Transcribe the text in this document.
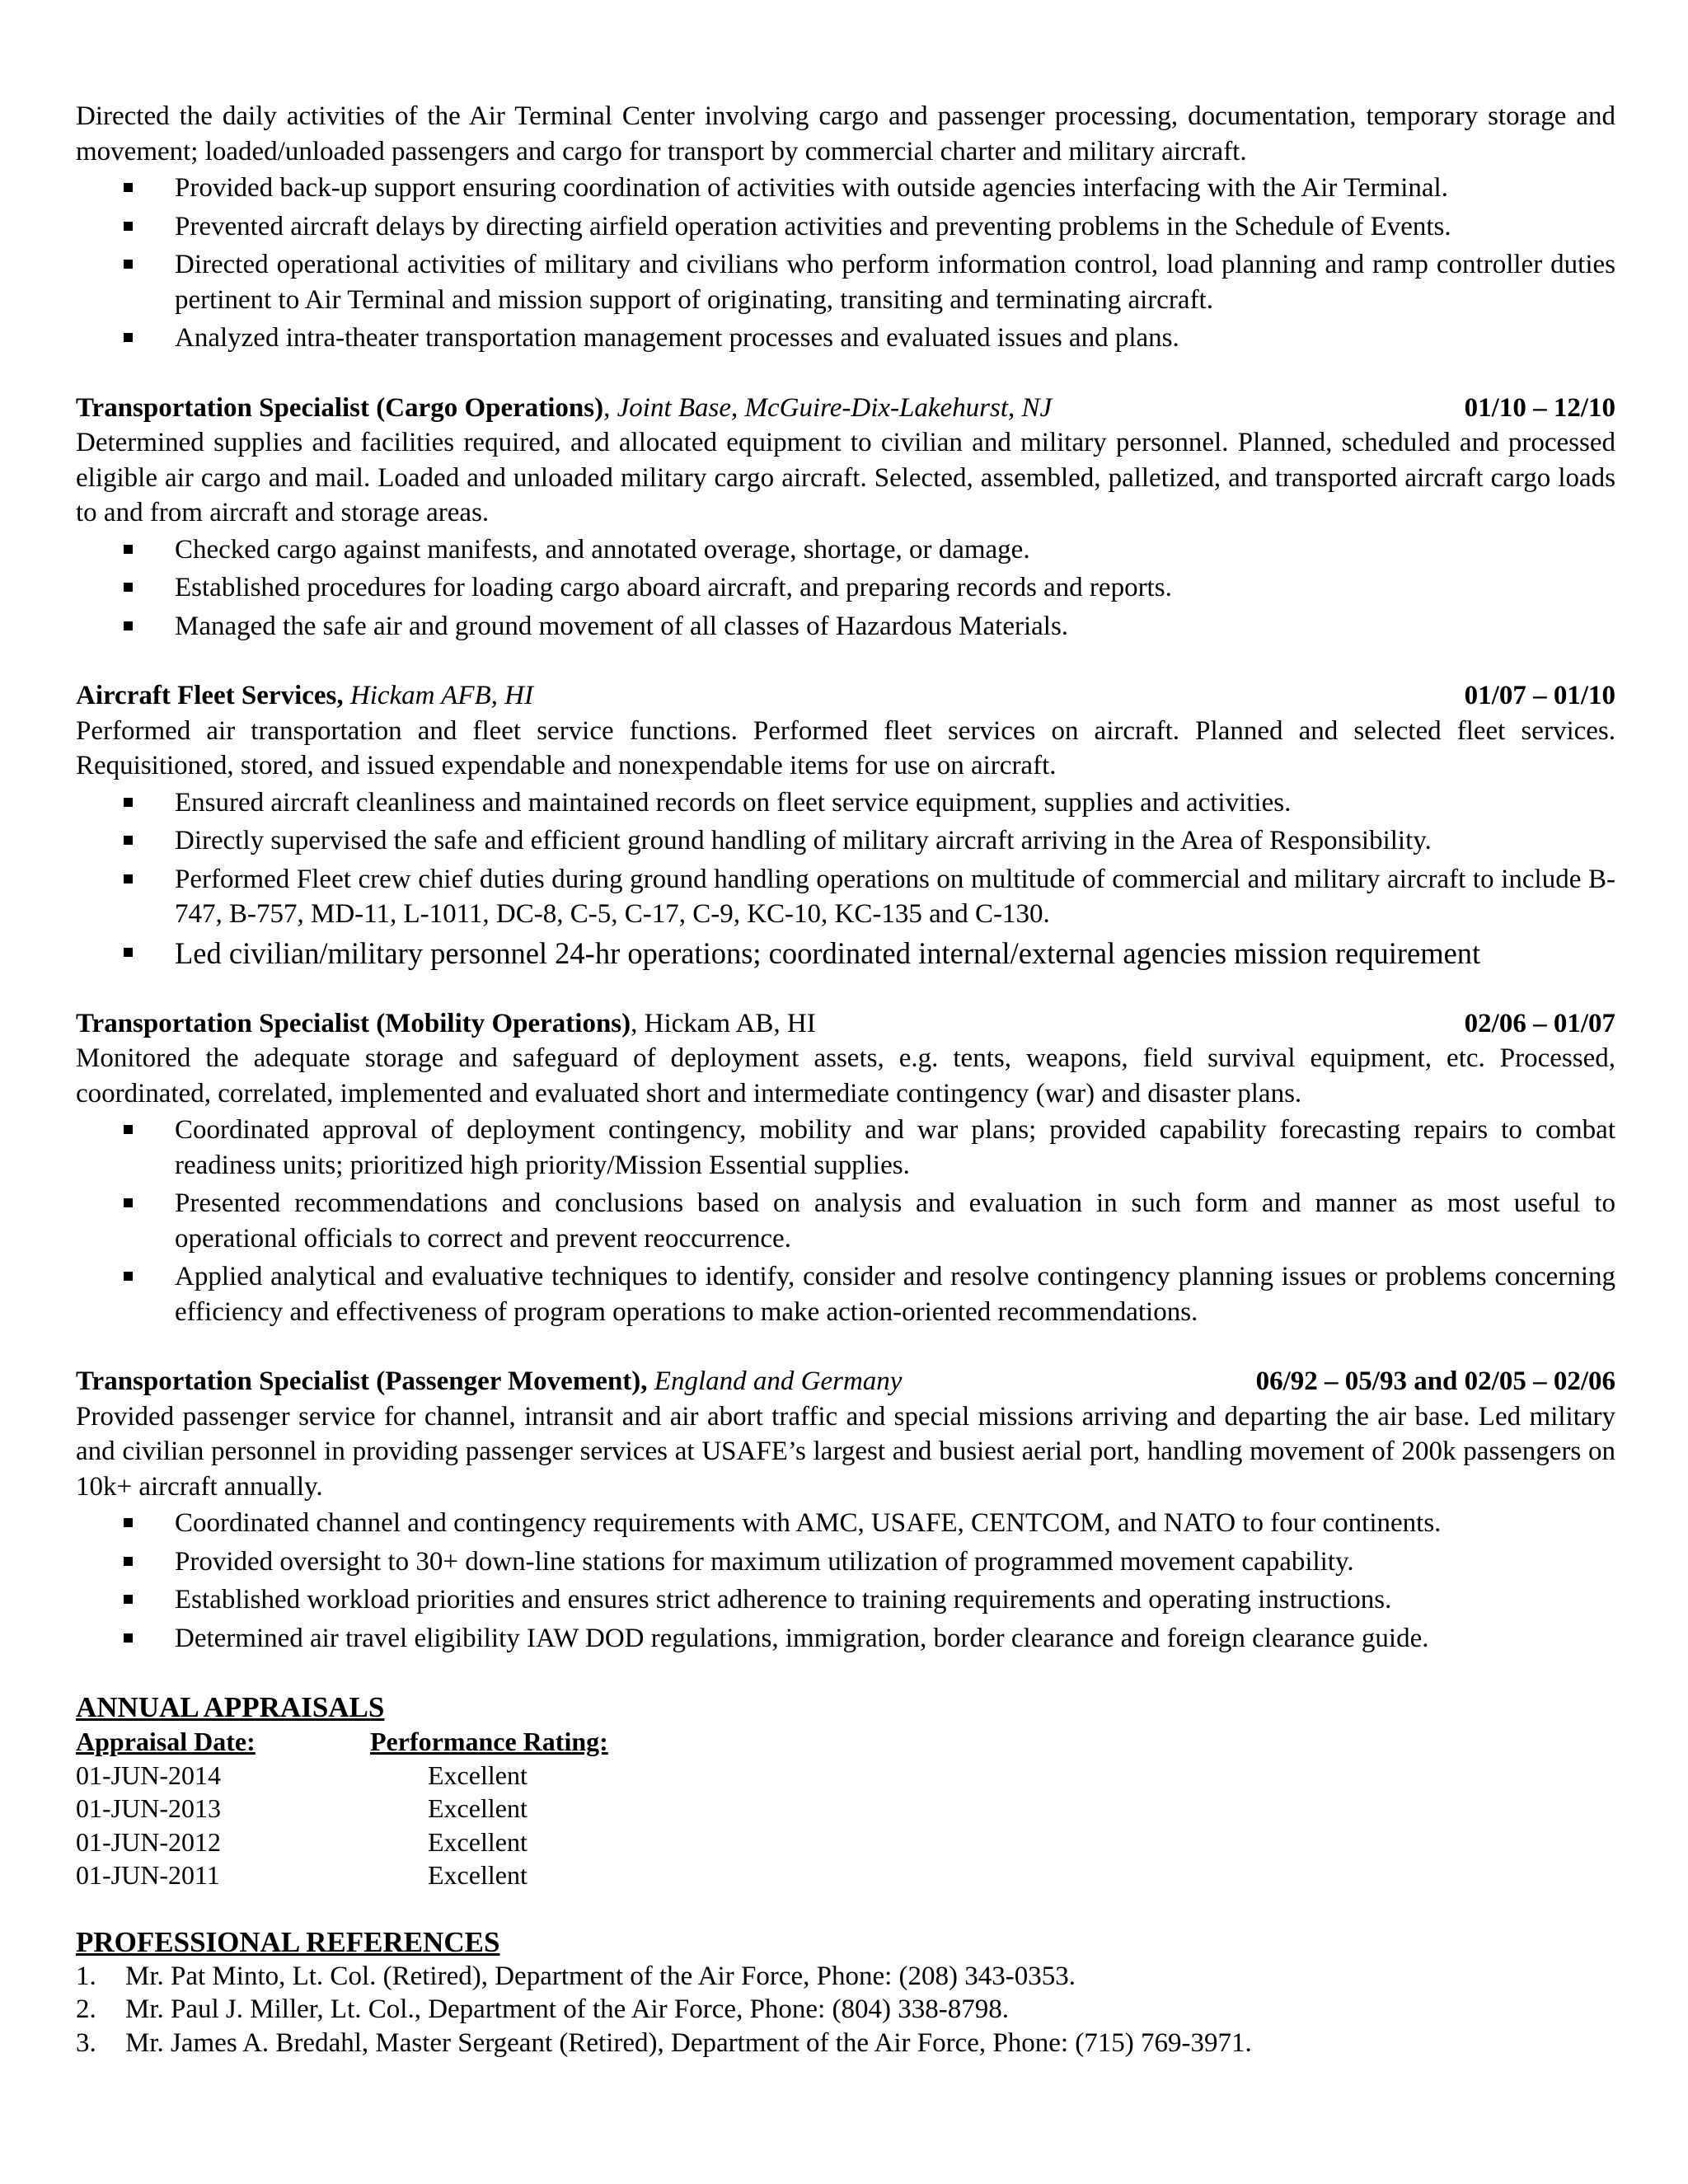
Directed the daily activities of the Air Terminal Center involving cargo and passenger processing, documentation, temporary storage and movement; loaded/unloaded passengers and cargo for transport by commercial charter and military aircraft.

Provided back-up support ensuring coordination of activities with outside agencies interfacing with the Air Terminal.
Prevented aircraft delays by directing airfield operation activities and preventing problems in the Schedule of Events.
Directed operational activities of military and civilians who perform information control, load planning and ramp controller duties pertinent to Air Terminal and mission support of originating, transiting and terminating aircraft.
Analyzed intra-theater transportation management processes and evaluated issues and plans.
Transportation Specialist (Cargo Operations), Joint Base, McGuire-Dix-Lakehurst, NJ	01/10 – 12/10

Determined supplies and facilities required, and allocated equipment to civilian and military personnel. Planned, scheduled and processed eligible air cargo and mail. Loaded and unloaded military cargo aircraft. Selected, assembled, palletized, and transported aircraft cargo loads to and from aircraft and storage areas.

Checked cargo against manifests, and annotated overage, shortage, or damage.
Established procedures for loading cargo aboard aircraft, and preparing records and reports.
Managed the safe air and ground movement of all classes of Hazardous Materials.
Aircraft Fleet Services, Hickam AFB, HI	01/07 – 01/10

Performed air transportation and fleet service functions. Performed fleet services on aircraft. Planned and selected fleet services. Requisitioned, stored, and issued expendable and nonexpendable items for use on aircraft.

Ensured aircraft cleanliness and maintained records on fleet service equipment, supplies and activities.
Directly supervised the safe and efficient ground handling of military aircraft arriving in the Area of Responsibility.
Performed Fleet crew chief duties during ground handling operations on multitude of commercial and military aircraft to include B-747, B-757, MD-11, L-1011, DC-8, C-5, C-17, C-9, KC-10, KC-135 and C-130.
Led civilian/military personnel 24-hr operations; coordinated internal/external agencies mission requirement
Transportation Specialist (Mobility Operations), Hickam AB, HI	02/06 – 01/07

Monitored the adequate storage and safeguard of deployment assets, e.g. tents, weapons, field survival equipment, etc. Processed, coordinated, correlated, implemented and evaluated short and intermediate contingency (war) and disaster plans.

Coordinated approval of deployment contingency, mobility and war plans; provided capability forecasting repairs to combat readiness units; prioritized high priority/Mission Essential supplies.
Presented recommendations and conclusions based on analysis and evaluation in such form and manner as most useful to operational officials to correct and prevent reoccurrence.
Applied analytical and evaluative techniques to identify, consider and resolve contingency planning issues or problems concerning efficiency and effectiveness of program operations to make action-oriented recommendations.
Transportation Specialist (Passenger Movement), England and Germany	06/92 – 05/93 and 02/05 – 02/06

Provided passenger service for channel, intransit and air abort traffic and special missions arriving and departing the air base. Led military and civilian personnel in providing passenger services at USAFE’s largest and busiest aerial port, handling movement of 200k passengers on 10k+ aircraft annually.

Coordinated channel and contingency requirements with AMC, USAFE, CENTCOM, and NATO to four continents.
Provided oversight to 30+ down-line stations for maximum utilization of programmed movement capability.
Established workload priorities and ensures strict adherence to training requirements and operating instructions.
Determined air travel eligibility IAW DOD regulations, immigration, border clearance and foreign clearance guide.
ANNUAL APPRAISALS
Appraisal Date:	Performance Rating:
01-JUN-2014	Excellent
01-JUN-2013	Excellent
01-JUN-2012	Excellent
01-JUN-2011	Excellent
PROFESSIONAL REFERENCES
1.	Mr. Pat Minto, Lt. Col. (Retired), Department of the Air Force, Phone: (208) 343-0353.
2.	Mr. Paul J. Miller, Lt. Col., Department of the Air Force, Phone: (804) 338-8798.
3.	Mr. James A. Bredahl, Master Sergeant (Retired), Department of the Air Force, Phone: (715) 769-3971.
